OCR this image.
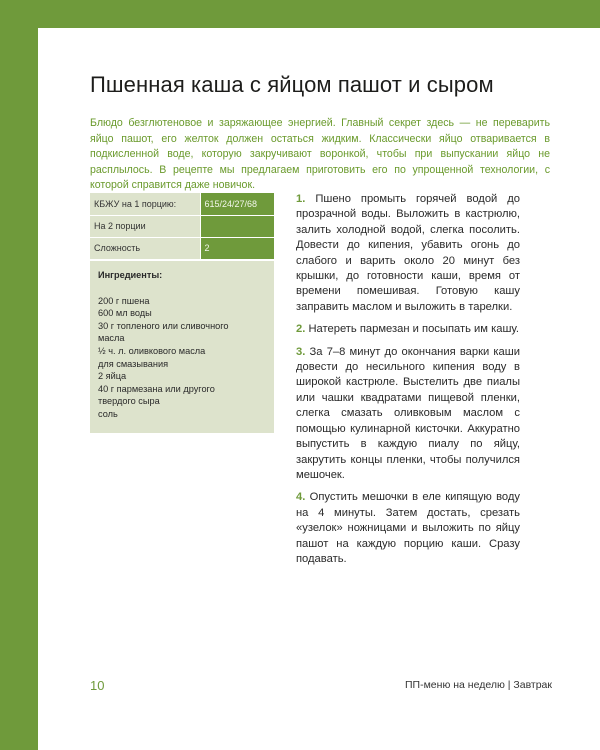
Пшенная каша с яйцом пашот и сыром

Блюдо безглютеновое и заряжающее энергией. Главный секрет здесь — не переварить яйцо пашот, его желток должен остаться жидким. Классически яйцо отваривается в подкисленной воде, которую закручивают воронкой, чтобы при выпускании яйцо не расплылось. В рецепте мы предлагаем приготовить его по упрощенной технологии, с которой справится даже новичок.

КБЖУ на 1 порцию:	615/24/27/68
На 2 порции	
Сложность	2
Ингредиенты:
200 г пшена
600 мл воды
30 г топленого или сливочного
масла
½ ч. л. оливкового масла
для смазывания
2 яйца
40 г пармезана или другого
твердого сыра
соль

1. Пшено промыть горячей водой до прозрачной воды. Выложить в кастрюлю, залить холодной водой, слегка посолить. Довести до кипения, убавить огонь до слабого и варить около 20 минут без крышки, до готовности каши, время от времени помешивая. Готовую кашу заправить маслом и выложить в тарелки.

2. Натереть пармезан и посыпать им кашу.

3. За 7–8 минут до окончания варки каши довести до несильного кипения воду в широкой кастрюле. Выстелить две пиалы или чашки квадратами пищевой пленки, слегка смазать оливковым маслом с помощью кулинарной кисточки. Аккуратно выпустить в каждую пиалу по яйцу, закрутить концы пленки, чтобы получился мешочек.

4. Опустить мешочки в еле кипящую воду на 4 минуты. Затем достать, срезать «узелок» ножницами и выложить по яйцу пашот на каждую порцию каши. Сразу подавать.

10	ПП-меню на неделю | Завтрак
